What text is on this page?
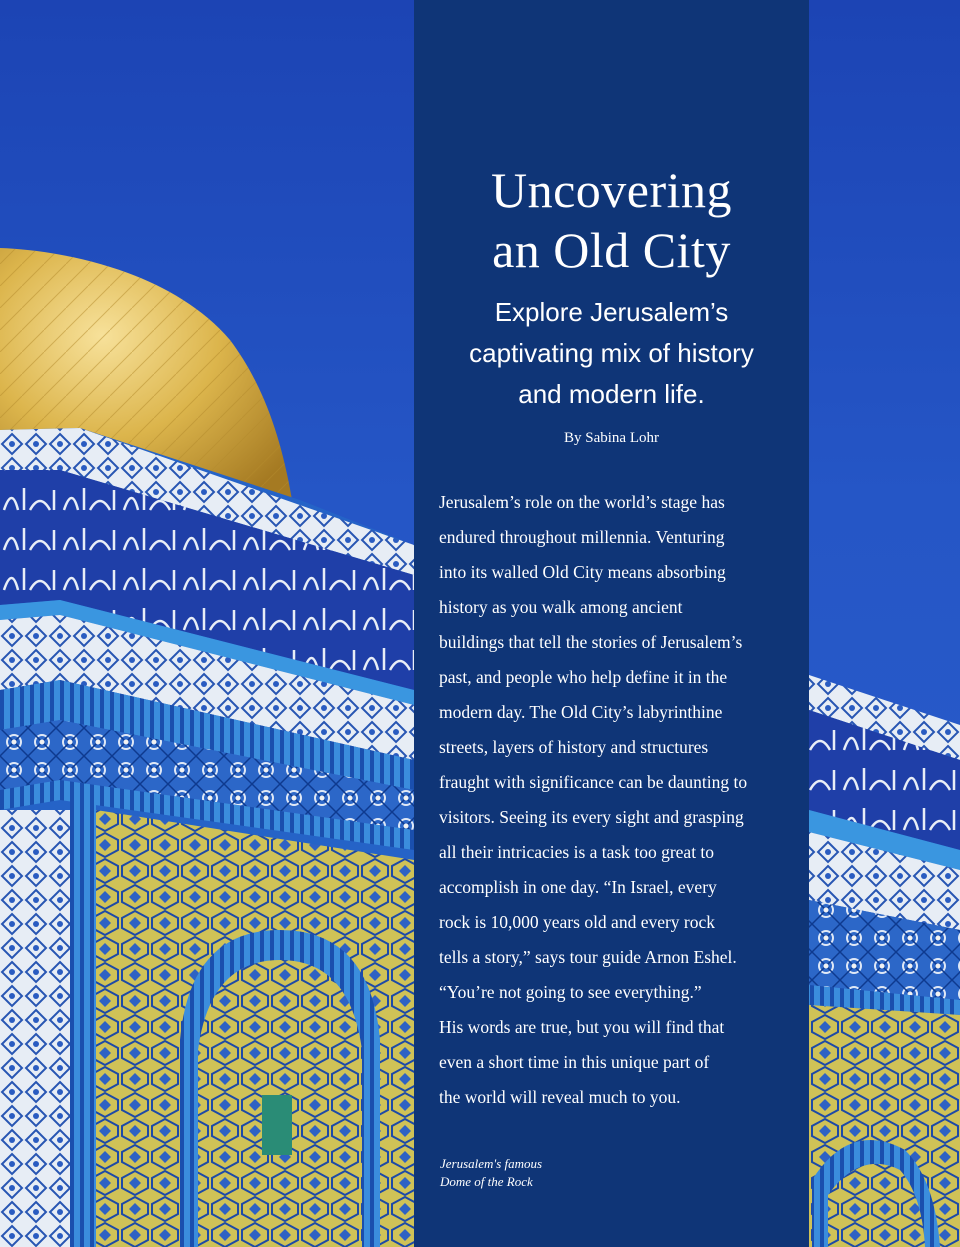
Uncovering
an Old City

Explore Jerusalem’s
captivating mix of history
and modern life.

By Sabina Lohr

Jerusalem’s role on the world’s stage has
endured throughout millennia. Venturing
into its walled Old City means absorbing
history as you walk among ancient
buildings that tell the stories of Jerusalem’s
past, and people who help define it in the
modern day. The Old City’s labyrinthine
streets, layers of history and structures
fraught with significance can be daunting to
visitors. Seeing its every sight and grasping
all their intricacies is a task too great to
accomplish in one day. “In Israel, every
rock is 10,000 years old and every rock
tells a story,” says tour guide Arnon Eshel.
“You’re not going to see everything.”
His words are true, but you will find that
even a short time in this unique part of
the world will reveal much to you.

Jerusalem's famous
Dome of the Rock
